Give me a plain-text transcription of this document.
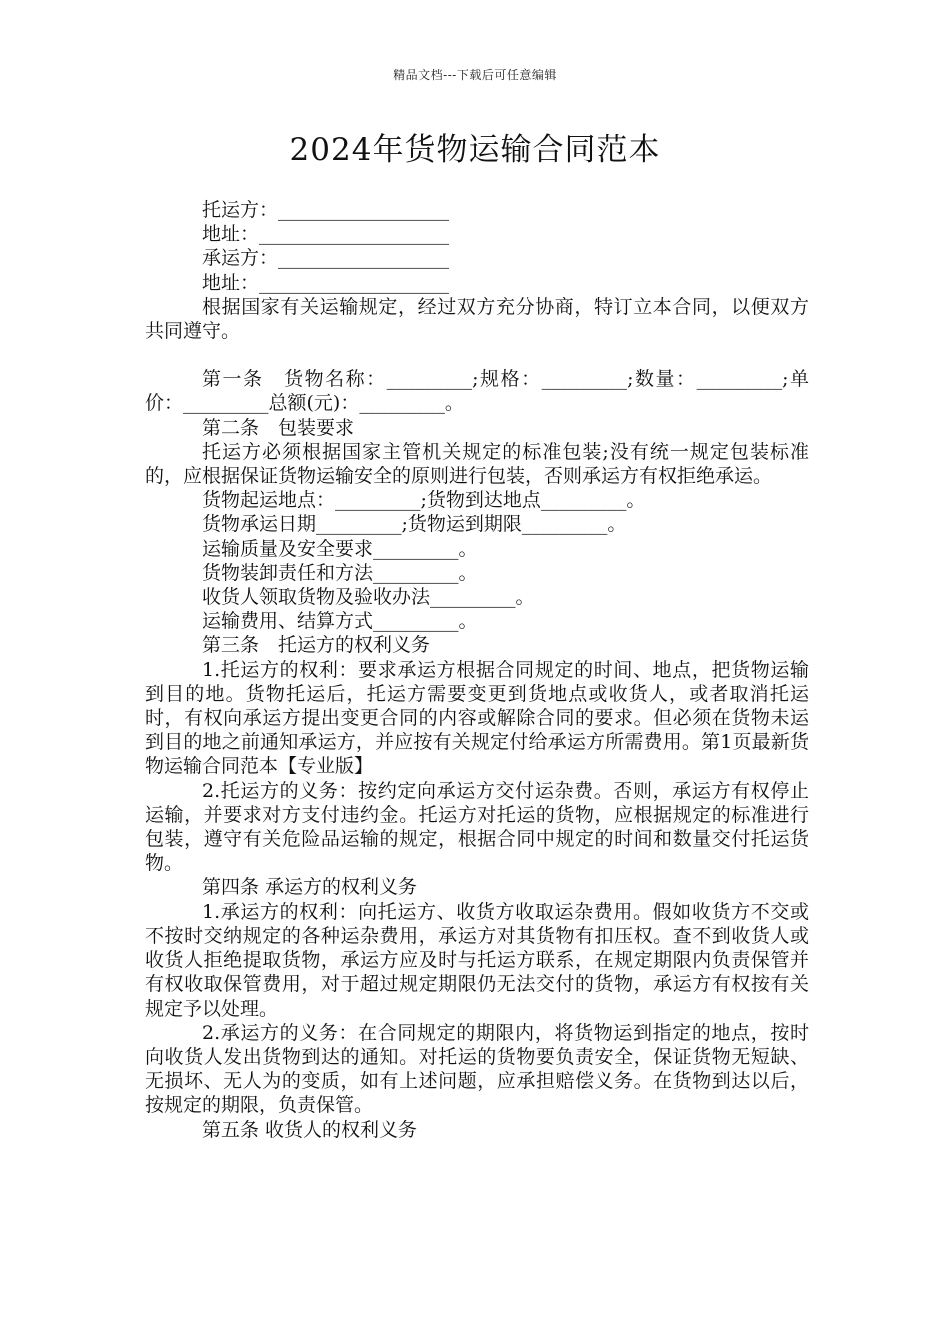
精品文档---下载后可任意编辑
2024年货物运输合同范本

托运方：__________________

地址：____________________

承运方：__________________

地址：____________________

根据国家有关运输规定，经过双方充分协商，特订立本合同，以便双方共同遵守。

第一条　货物名称：_________;规格：_________;数量：_________;单价：_________总额(元)：_________。

第二条　包装要求

托运方必须根据国家主管机关规定的标准包装;没有统一规定包装标准的，应根据保证货物运输安全的原则进行包装，否则承运方有权拒绝承运。

货物起运地点：_________;货物到达地点_________。

货物承运日期_________;货物运到期限_________。

运输质量及安全要求_________。

货物装卸责任和方法_________。

收货人领取货物及验收办法_________。

运输费用、结算方式_________。

第三条　托运方的权利义务

1.托运方的权利：要求承运方根据合同规定的时间、地点，把货物运输到目的地。货物托运后，托运方需要变更到货地点或收货人，或者取消托运时，有权向承运方提出变更合同的内容或解除合同的要求。但必须在货物未运到目的地之前通知承运方，并应按有关规定付给承运方所需费用。第1页最新货物运输合同范本【专业版】

2.托运方的义务：按约定向承运方交付运杂费。否则，承运方有权停止运输，并要求对方支付违约金。托运方对托运的货物，应根据规定的标准进行包装，遵守有关危险品运输的规定，根据合同中规定的时间和数量交付托运货物。

第四条 承运方的权利义务

1.承运方的权利：向托运方、收货方收取运杂费用。假如收货方不交或不按时交纳规定的各种运杂费用，承运方对其货物有扣压权。查不到收货人或收货人拒绝提取货物，承运方应及时与托运方联系，在规定期限内负责保管并有权收取保管费用，对于超过规定期限仍无法交付的货物，承运方有权按有关规定予以处理。

2.承运方的义务：在合同规定的期限内，将货物运到指定的地点，按时向收货人发出货物到达的通知。对托运的货物要负责安全，保证货物无短缺、无损坏、无人为的变质，如有上述问题，应承担赔偿义务。在货物到达以后，按规定的期限，负责保管。

第五条 收货人的权利义务
